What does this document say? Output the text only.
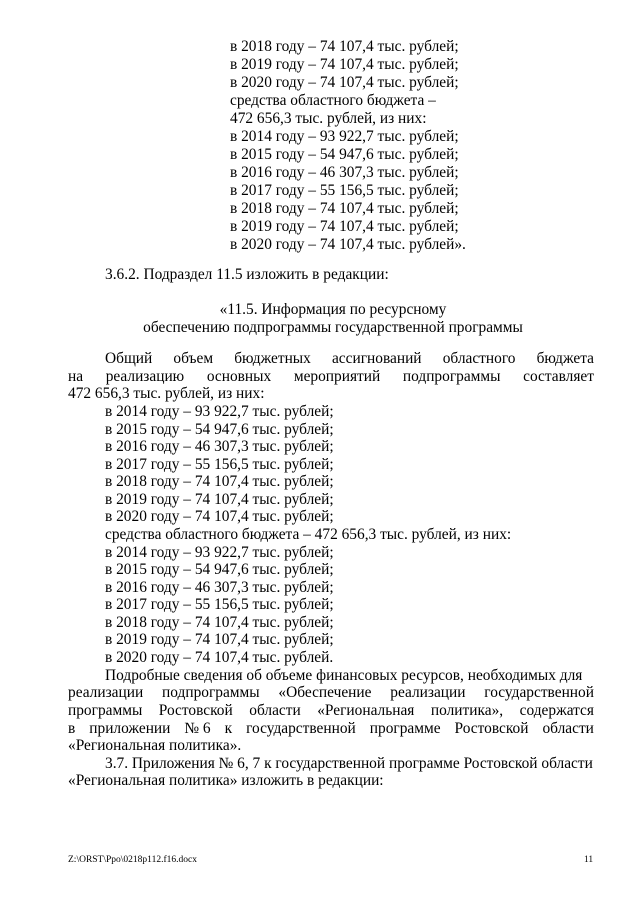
в 2018 году – 74 107,4 тыс. рублей;
в 2019 году – 74 107,4 тыс. рублей;
в 2020 году – 74 107,4 тыс. рублей;
средства областного бюджета –
472 656,3 тыс. рублей, из них:
в 2014 году – 93 922,7 тыс. рублей;
в 2015 году – 54 947,6 тыс. рублей;
в 2016 году – 46 307,3 тыс. рублей;
в 2017 году – 55 156,5 тыс. рублей;
в 2018 году – 74 107,4 тыс. рублей;
в 2019 году – 74 107,4 тыс. рублей;
в 2020 году – 74 107,4 тыс. рублей».
3.6.2. Подраздел 11.5 изложить в редакции:
«11.5. Информация по ресурсному
обеспечению подпрограммы государственной программы
Общий объем бюджетных ассигнований областного бюджета
на реализацию основных мероприятий подпрограммы составляет
472 656,3 тыс. рублей, из них:
в 2014 году – 93 922,7 тыс. рублей;
в 2015 году – 54 947,6 тыс. рублей;
в 2016 году – 46 307,3 тыс. рублей;
в 2017 году – 55 156,5 тыс. рублей;
в 2018 году – 74 107,4 тыс. рублей;
в 2019 году – 74 107,4 тыс. рублей;
в 2020 году – 74 107,4 тыс. рублей;
средства областного бюджета – 472 656,3 тыс. рублей, из них:
в 2014 году – 93 922,7 тыс. рублей;
в 2015 году – 54 947,6 тыс. рублей;
в 2016 году – 46 307,3 тыс. рублей;
в 2017 году – 55 156,5 тыс. рублей;
в 2018 году – 74 107,4 тыс. рублей;
в 2019 году – 74 107,4 тыс. рублей;
в 2020 году – 74 107,4 тыс. рублей.
Подробные сведения об объеме финансовых ресурсов, необходимых для
реализации подпрограммы «Обеспечение реализации государственной
программы Ростовской области «Региональная политика», содержатся
в приложении № 6 к государственной программе Ростовской области
«Региональная политика».
3.7. Приложения № 6, 7 к государственной программе Ростовской области
«Региональная политика» изложить в редакции:
Z:\ORST\Ppo\0218p112.f16.docx	11
